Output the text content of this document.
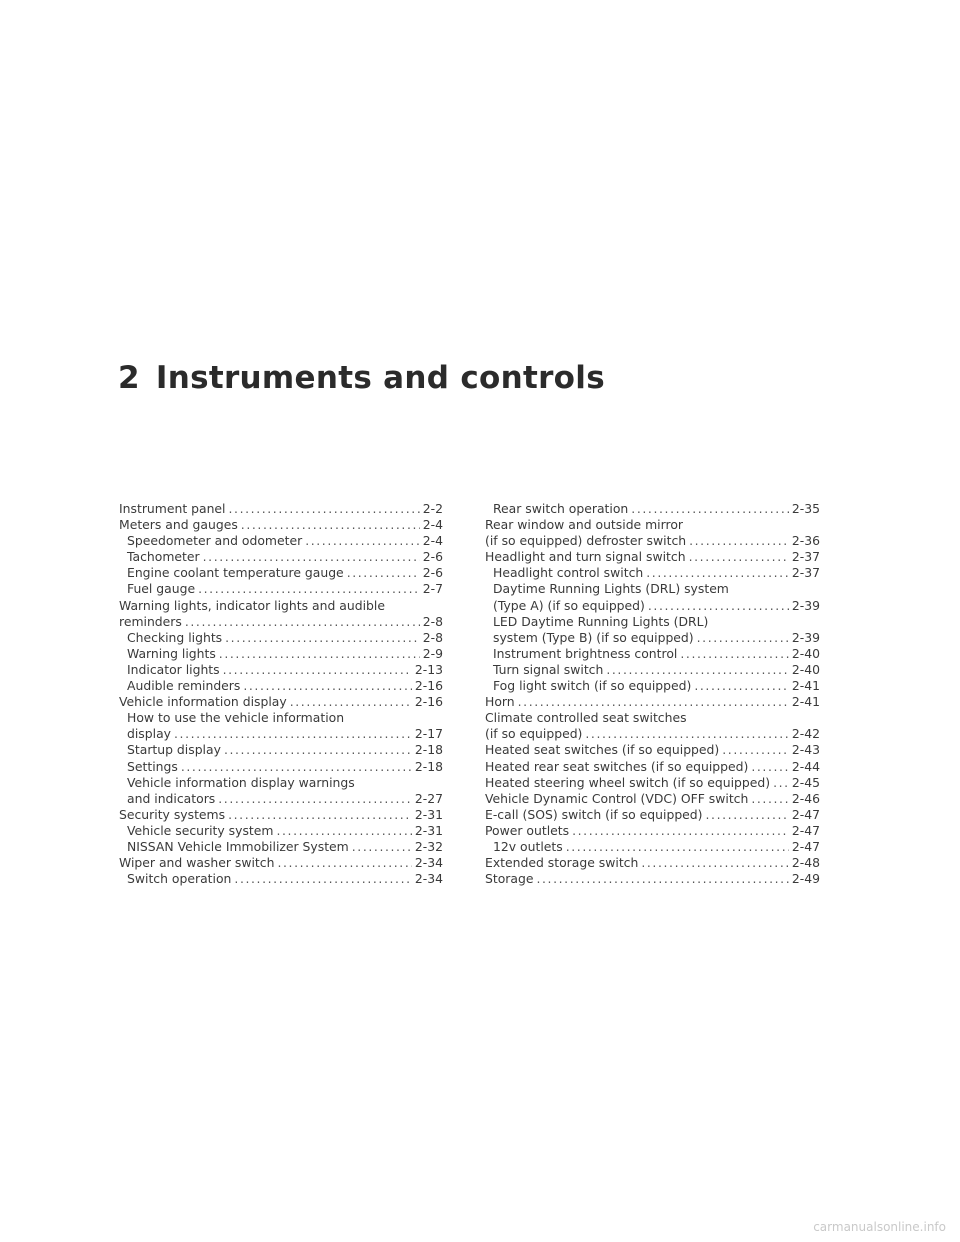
2 Instruments and controls
Instrument panel .....	2-2
Meters and gauges .....	2-4
Speedometer and odometer .....	2-4
Tachometer .....	2-6
Engine coolant temperature gauge .....	2-6
Fuel gauge .....	2-7
Warning lights, indicator lights and audible
reminders .....	2-8
Checking lights .....	2-8
Warning lights .....	2-9
Indicator lights .....	2-13
Audible reminders .....	2-16
Vehicle information display .....	2-16
How to use the vehicle information
display .....	2-17
Startup display .....	2-18
Settings .....	2-18
Vehicle information display warnings
and indicators .....	2-27
Security systems .....	2-31
Vehicle security system .....	2-31
NISSAN Vehicle Immobilizer System .....	2-32
Wiper and washer switch .....	2-34
Switch operation .....	2-34
Rear switch operation .....	2-35
Rear window and outside mirror
(if so equipped) defroster switch .....	2-36
Headlight and turn signal switch .....	2-37
Headlight control switch .....	2-37
Daytime Running Lights (DRL) system
(Type A) (if so equipped) .....	2-39
LED Daytime Running Lights (DRL)
system (Type B) (if so equipped) .....	2-39
Instrument brightness control .....	2-40
Turn signal switch .....	2-40
Fog light switch (if so equipped) .....	2-41
Horn .....	2-41
Climate controlled seat switches
(if so equipped) .....	2-42
Heated seat switches (if so equipped) .....	2-43
Heated rear seat switches (if so equipped) .....	2-44
Heated steering wheel switch (if so equipped) ..... 2-45
Vehicle Dynamic Control (VDC) OFF switch .....	2-46
E-call (SOS) switch (if so equipped) .....	2-47
Power outlets .....	2-47
12v outlets .....	2-47
Extended storage switch .....	2-48
Storage .....	2-49
carmanualsonline.info
